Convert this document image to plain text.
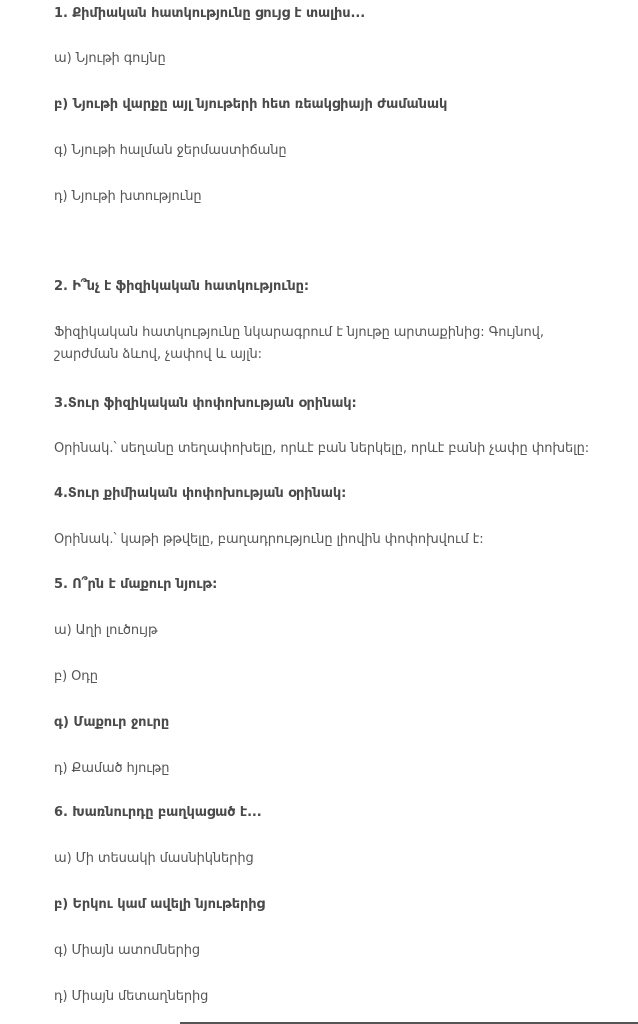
1. Քիմիական հատկությունը ցույց է տալիս...
ա) Նյութի գույնը
բ) Նյութի վարքը այլ նյութերի հետ ռեակցիայի ժամանակ
գ) Նյութի հալման ջերմաստիճանը
դ) Նյութի խտությունը
2. Ի՞նչ է ֆիզիկական հատկությունը:
Ֆիզիկական հատկությունը նկարագրում է նյութը արտաքինից: Գույնով, շարժման ձևով, չափով և այլն:
3.Տուր ֆիզիկական փոփոխության օրինակ:
Օրինակ․՝ սեղանը տեղափոխելը, որևէ բան ներկելը, որևէ բանի չափը փոխելը:
4.Տուր քիմիական փոփոխության օրինակ:
Օրինակ․՝ կաթի թթվելը, բաղադրությունը լիովին փոփոխվում է:
5. Ո՞րն է մաքուր նյութ:
ա) Աղի լուծույթ
բ) Օդը
գ) Մաքուր ջուրը
դ) Քամած հյութը
6. Խառնուրդը բաղկացած է...
ա) Մի տեսակի մասնիկներից
բ) Երկու կամ ավելի նյութերից
գ) Միայն ատոմներից
դ) Միայն մետաղներից
